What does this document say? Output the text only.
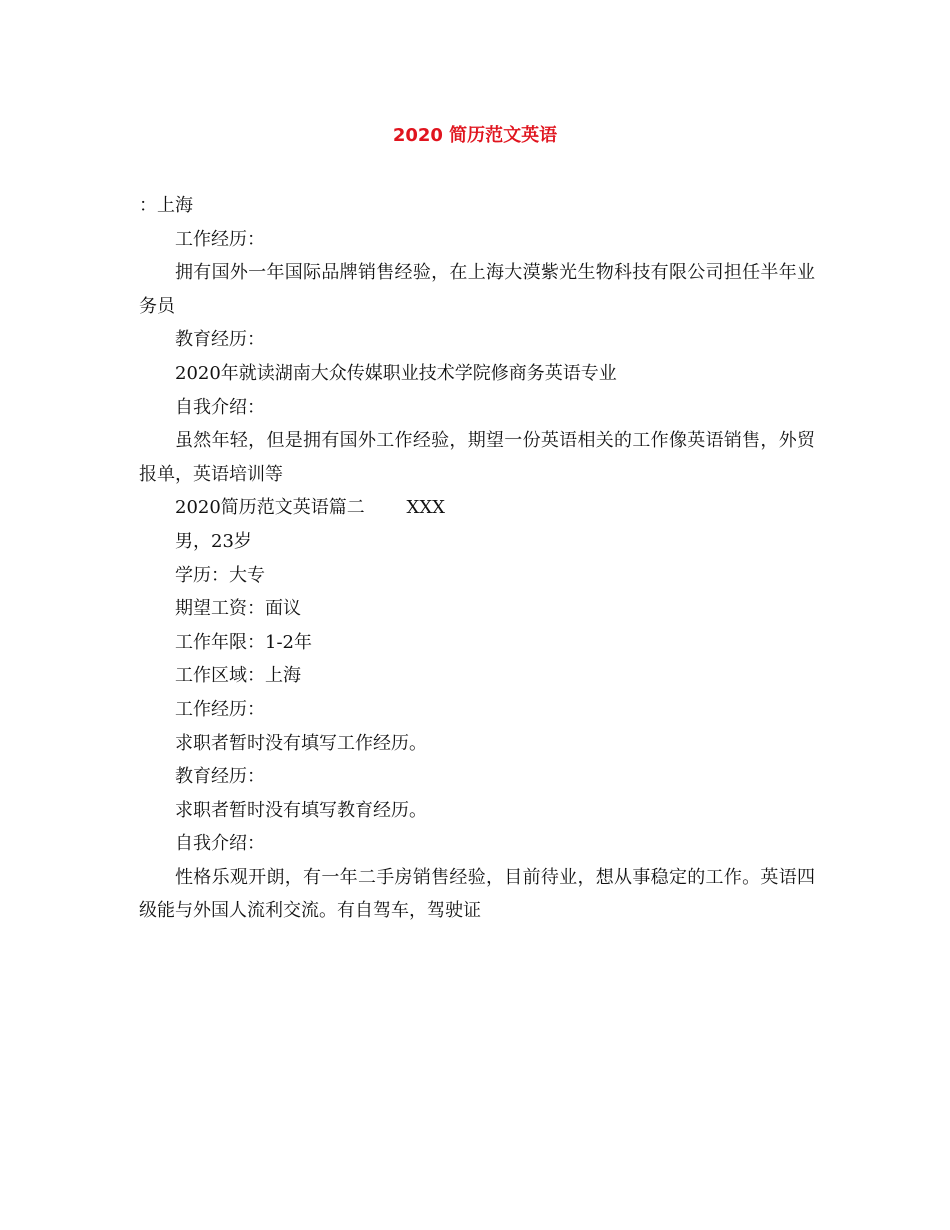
2020 简历范文英语

：上海

工作经历：

拥有国外一年国际品牌销售经验，在上海大漠紫光生物科技有限公司担任半年业务员

教育经历：

2020年就读湖南大众传媒职业技术学院修商务英语专业

自我介绍：

虽然年轻，但是拥有国外工作经验，期望一份英语相关的工作像英语销售，外贸报单，英语培训等

2020简历范文英语篇二　　 XXX

男，23岁

学历：大专

期望工资：面议

工作年限：1-2年

工作区域：上海

工作经历：

求职者暂时没有填写工作经历。

教育经历：

求职者暂时没有填写教育经历。

自我介绍：

性格乐观开朗，有一年二手房销售经验，目前待业，想从事稳定的工作。英语四级能与外国人流利交流。有自驾车，驾驶证
